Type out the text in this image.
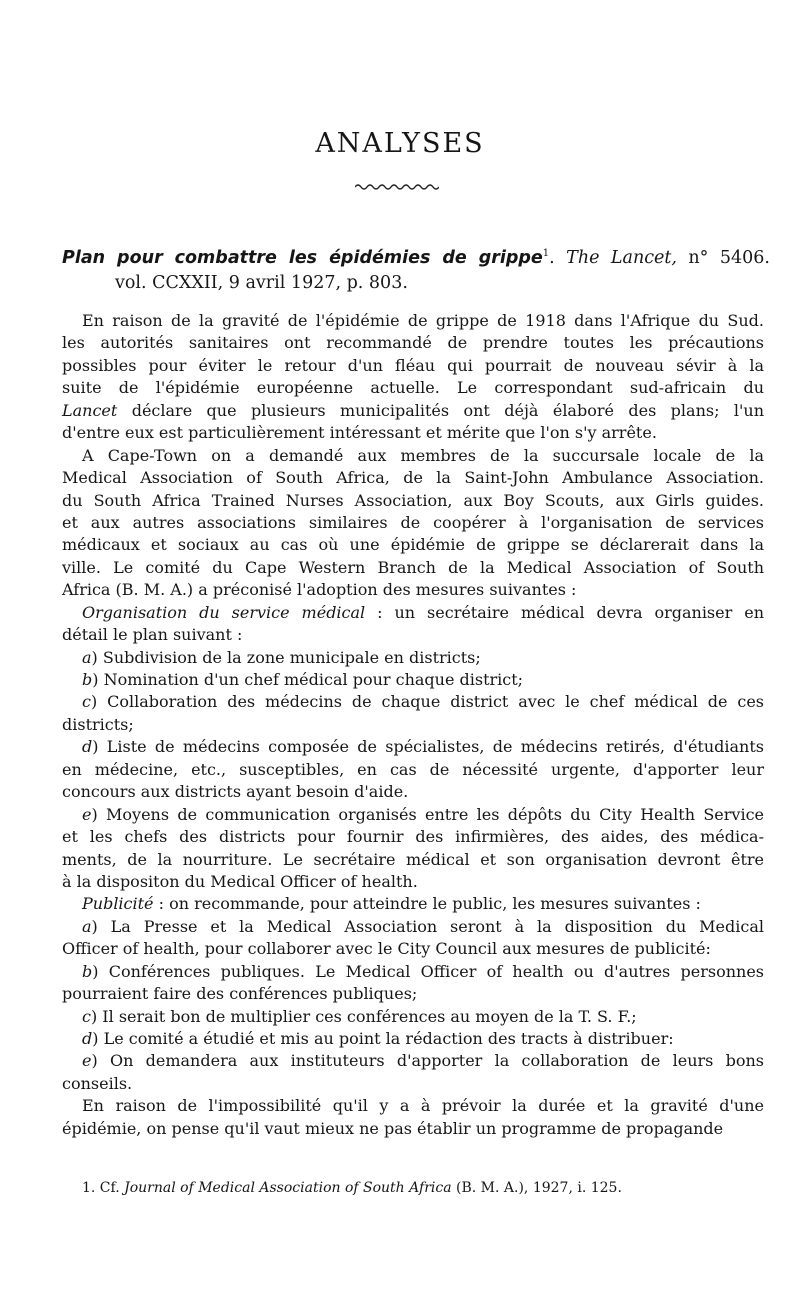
ANALYSES
Plan pour combattre les épidémies de grippe$^1$. The Lancet, n° 5406.
vol. CCXXII, 9 avril 1927, p. 803.
En raison de la gravité de l'épidémie de grippe de 1918 dans l'Afrique du Sud.
les autorités sanitaires ont recommandé de prendre toutes les précautions
possibles pour éviter le retour d'un fléau qui pourrait de nouveau sévir à la
suite de l'épidémie européenne actuelle. Le correspondant sud-africain du
Lancet déclare que plusieurs municipalités ont déjà élaboré des plans; l'un
d'entre eux est particulièrement intéressant et mérite que l'on s'y arrête.
A Cape-Town on a demandé aux membres de la succursale locale de la
Medical Association of South Africa, de la Saint-John Ambulance Association.
du South Africa Trained Nurses Association, aux Boy Scouts, aux Girls guides.
et aux autres associations similaires de coopérer à l'organisation de services
médicaux et sociaux au cas où une épidémie de grippe se déclarerait dans la
ville. Le comité du Cape Western Branch de la Medical Association of South
Africa (B. M. A.) a préconisé l'adoption des mesures suivantes :
Organisation du service médical : un secrétaire médical devra organiser en
détail le plan suivant :
a) Subdivision de la zone municipale en districts;
b) Nomination d'un chef médical pour chaque district;
c) Collaboration des médecins de chaque district avec le chef médical de ces
districts;
d) Liste de médecins composée de spécialistes, de médecins retirés, d'étudiants
en médecine, etc., susceptibles, en cas de nécessité urgente, d'apporter leur
concours aux districts ayant besoin d'aide.
e) Moyens de communication organisés entre les dépôts du City Health Service
et les chefs des districts pour fournir des infirmières, des aides, des médica-
ments, de la nourriture. Le secrétaire médical et son organisation devront être
à la dispositon du Medical Officer of health.
Publicité : on recommande, pour atteindre le public, les mesures suivantes :
a) La Presse et la Medical Association seront à la disposition du Medical
Officer of health, pour collaborer avec le City Council aux mesures de publicité:
b) Conférences publiques. Le Medical Officer of health ou d'autres personnes
pourraient faire des conférences publiques;
c) Il serait bon de multiplier ces conférences au moyen de la T. S. F.;
d) Le comité a étudié et mis au point la rédaction des tracts à distribuer:
e) On demandera aux instituteurs d'apporter la collaboration de leurs bons
conseils.
En raison de l'impossibilité qu'il y a à prévoir la durée et la gravité d'une
épidémie, on pense qu'il vaut mieux ne pas établir un programme de propagande
1. Cf. Journal of Medical Association of South Africa (B. M. A.), 1927, i. 125.
